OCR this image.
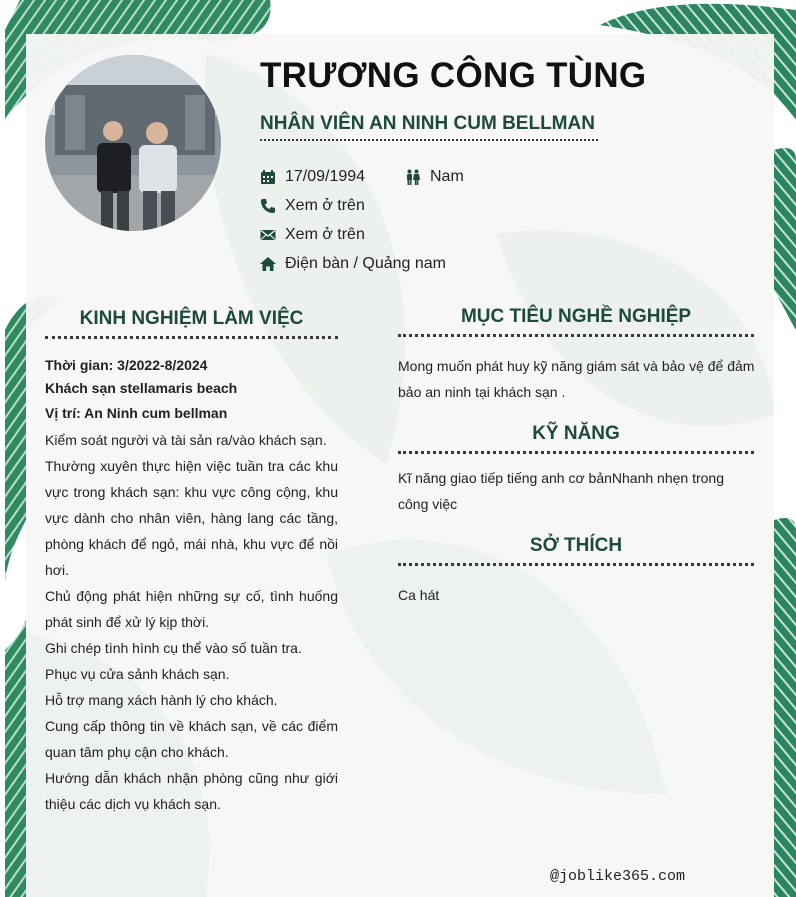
TRƯƠNG CÔNG TÙNG
NHÂN VIÊN AN NINH CUM BELLMAN
17/09/1994	Nam
Xem ở trên
Xem ở trên
Điện bàn / Quảng nam
KINH NGHIỆM LÀM VIỆC
Thời gian: 3/2022-8/2024
Khách sạn stellamaris beach
Vị trí: An Ninh cum bellman
Kiểm soát người và tài sản ra/vào khách sạn.
Thường xuyên thực hiện việc tuần tra các khu vực trong khách sạn: khu vực công cộng, khu vực dành cho nhân viên, hàng lang các tầng, phòng khách để ngỏ, mái nhà, khu vực để nồi hơi.
Chủ động phát hiện những sự cố, tình huống phát sinh để xử lý kịp thời.
Ghi chép tình hình cụ thể vào số tuần tra.
Phục vụ cửa sảnh khách sạn.
Hỗ trợ mang xách hành lý cho khách.
Cung cấp thông tin về khách sạn, về các điểm quan tâm phụ cận cho khách.
Hướng dẫn khách nhận phòng cũng như giới thiệu các dịch vụ khách sạn.
MỤC TIÊU NGHỀ NGHIỆP
Mong muốn phát huy kỹ năng giám sát và bảo vệ để đảm bảo an ninh tại khách sạn .
KỸ NĂNG
Kĩ năng giao tiếp tiếng anh cơ bảnNhanh nhẹn trong công việc
SỞ THÍCH
Ca hát
@joblike365.com
